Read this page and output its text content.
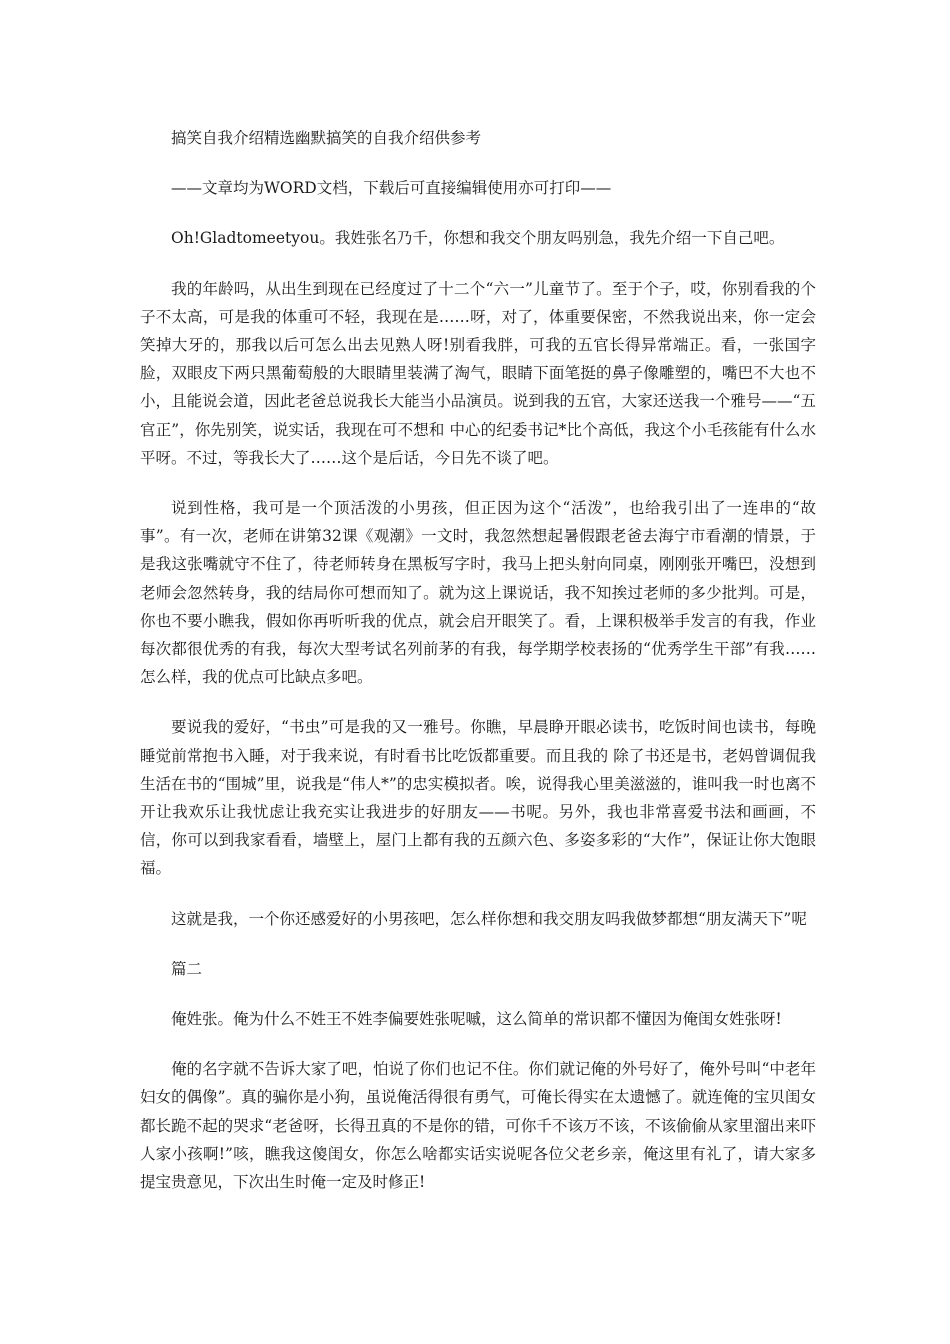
搞笑自我介绍精选幽默搞笑的自我介绍供参考

——文章均为WORD文档，下载后可直接编辑使用亦可打印——

Oh!Gladtomeetyou。我姓张名乃千，你想和我交个朋友吗别急，我先介绍一下自己吧。

我的年龄吗，从出生到现在已经度过了十二个“六一”儿童节了。至于个子，哎，你别看我的个子不太高，可是我的体重可不轻，我现在是……呀，对了，体重要保密，不然我说出来，你一定会笑掉大牙的，那我以后可怎么出去见熟人呀!别看我胖，可我的五官长得异常端正。看，一张国字脸，双眼皮下两只黑葡萄般的大眼睛里装满了淘气，眼睛下面笔挺的鼻子像雕塑的，嘴巴不大也不小，且能说会道，因此老爸总说我长大能当小品演员。说到我的五官，大家还送我一个雅号——“五官正”，你先别笑，说实话，我现在可不想和 中心的纪委书记*比个高低，我这个小毛孩能有什么水平呀。不过，等我长大了……这个是后话，今日先不谈了吧。

说到性格，我可是一个顶活泼的小男孩，但正因为这个“活泼”，也给我引出了一连串的“故事”。有一次，老师在讲第32课《观潮》一文时，我忽然想起暑假跟老爸去海宁市看潮的情景，于是我这张嘴就守不住了，待老师转身在黑板写字时，我马上把头射向同桌，刚刚张开嘴巴，没想到老师会忽然转身，我的结局你可想而知了。就为这上课说话，我不知挨过老师的多少批判。可是，你也不要小瞧我，假如你再听听我的优点，就会启开眼笑了。看，上课积极举手发言的有我，作业每次都很优秀的有我，每次大型考试名列前茅的有我，每学期学校表扬的“优秀学生干部”有我……怎么样，我的优点可比缺点多吧。

要说我的爱好，“书虫”可是我的又一雅号。你瞧，早晨睁开眼必读书，吃饭时间也读书，每晚睡觉前常抱书入睡，对于我来说，有时看书比吃饭都重要。而且我的 除了书还是书，老妈曾调侃我生活在书的“围城”里，说我是“伟人*”的忠实模拟者。唉，说得我心里美滋滋的，谁叫我一时也离不开让我欢乐让我忧虑让我充实让我进步的好朋友——书呢。另外，我也非常喜爱书法和画画，不信，你可以到我家看看，墙壁上，屋门上都有我的五颜六色、多姿多彩的“大作”，保证让你大饱眼福。

这就是我，一个你还感爱好的小男孩吧，怎么样你想和我交朋友吗我做梦都想“朋友满天下”呢

篇二

俺姓张。俺为什么不姓王不姓李偏要姓张呢嘁，这么简单的常识都不懂因为俺闺女姓张呀!

俺的名字就不告诉大家了吧，怕说了你们也记不住。你们就记俺的外号好了，俺外号叫“中老年妇女的偶像”。真的骗你是小狗，虽说俺活得很有勇气，可俺长得实在太遗憾了。就连俺的宝贝闺女都长跪不起的哭求“老爸呀，长得丑真的不是你的错，可你千不该万不该，不该偷偷从家里溜出来吓人家小孩啊!”咳，瞧我这傻闺女，你怎么啥都实话实说呢各位父老乡亲，俺这里有礼了，请大家多提宝贵意见，下次出生时俺一定及时修正!
